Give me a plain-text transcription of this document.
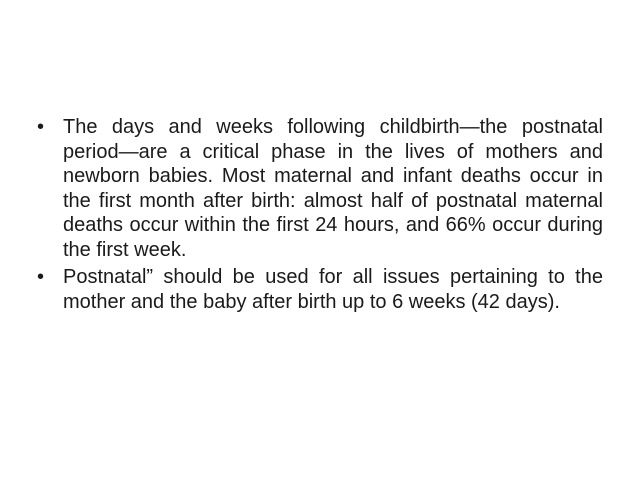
• The days and weeks following childbirth—the postnatal period—are a critical phase in the lives of mothers and newborn babies. Most maternal and infant deaths occur in the first month after birth: almost half of postnatal maternal deaths occur within the first 24 hours, and 66% occur during the first week.
• Postnatal” should be used for all issues pertaining to the mother and the baby after birth up to 6 weeks (42 days).
